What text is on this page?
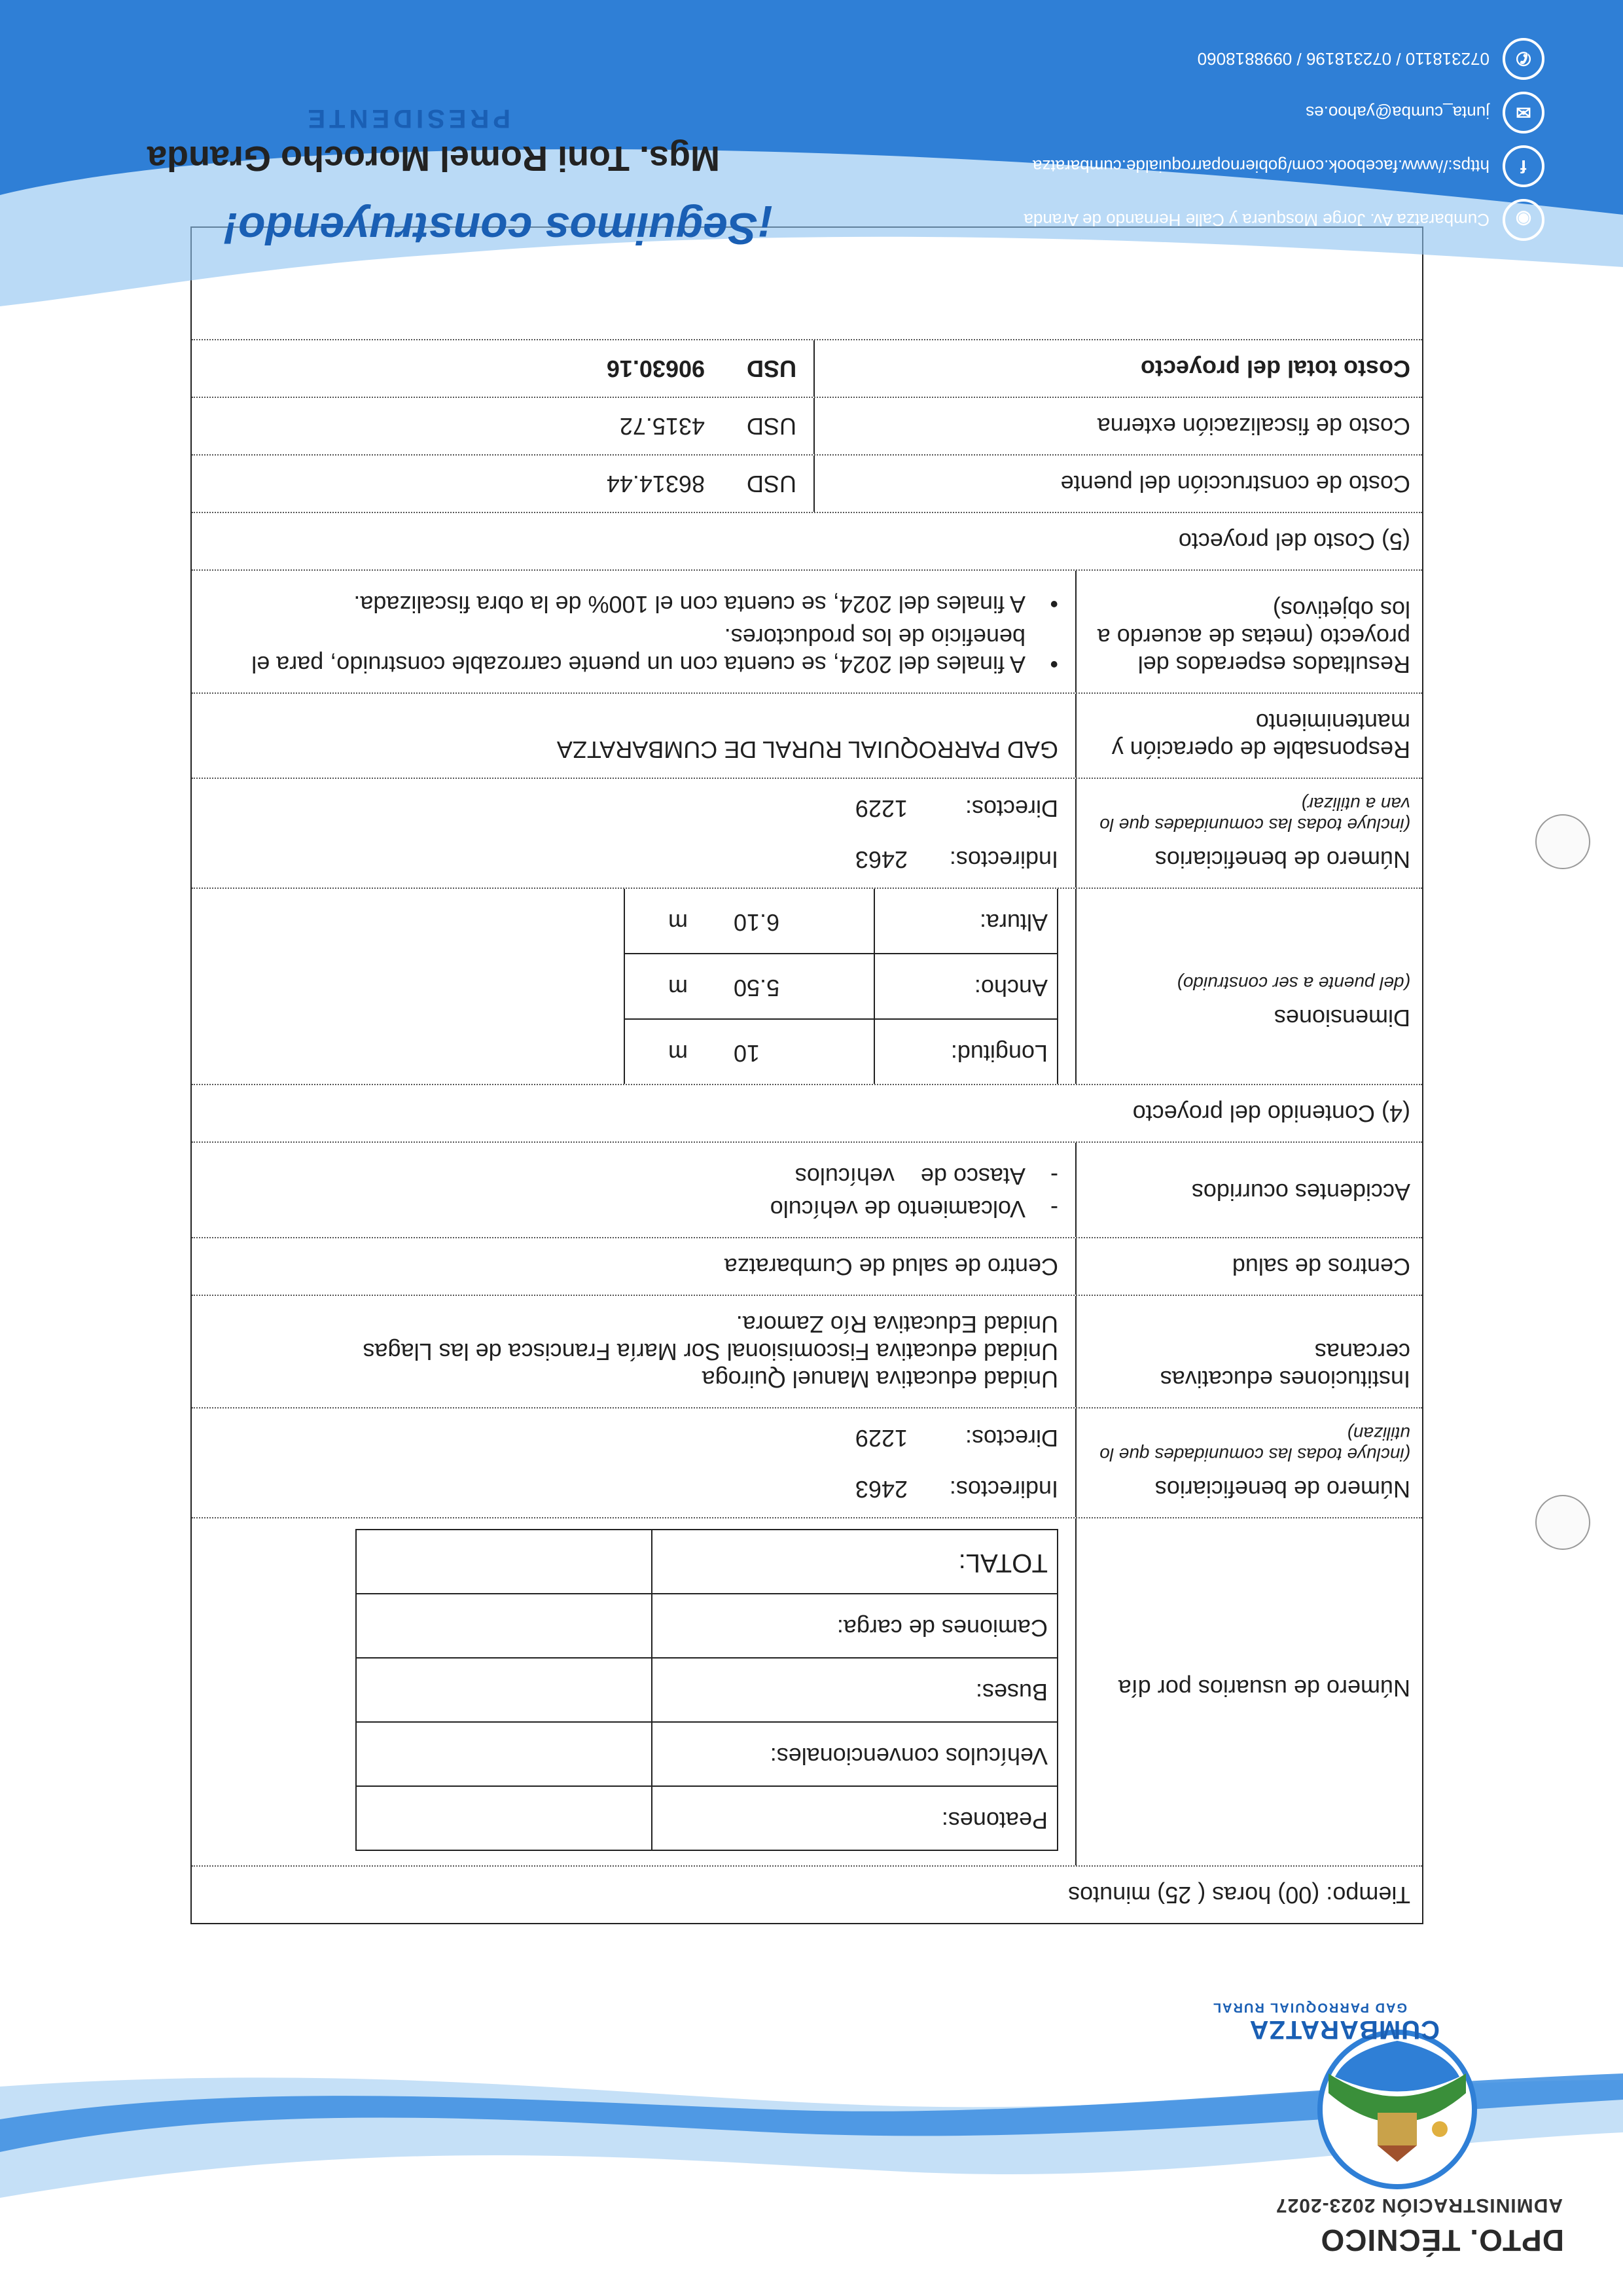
DPTO. TÉCNICO
ADMINISTRACIÓN 2023-2027
CUMBARATZA
GAD PARROQUIAL RURAL
Tiempo: (00) horas ( 25) minutos
Número de usuarios por día
Peatones:
Vehículos convencionales:
Buses:
Camiones de carga:
TOTAL:
Número de beneficiarios
(incluye todas las comunidades que lo utilizan)
Indirectos:2463
Directos:1229
Instituciones educativas cercanas
Unidad educativa Manuel Quiroga
Unidad educativa Fiscomisional Sor María Francisca de las Llagas
Unidad Educativa Río Zamora.
Centros de salud
Centro de salud de Cumbaratza
Accidentes ocurridos
-
Volcamiento de vehículo
-
Atasco de    vehículos
(4) Contenido del proyecto
Dimensiones
(del puente a ser construido)
Longitud:
10m
Ancho:
5.50m
Altura:
6.10m
Número de beneficiarios
(incluye todas las comunidades que lo van a utilizar)
Indirectos:2463
Directos:1229
Responsable de operación y mantenimiento
GAD PARROQUIAL RURAL DE CUMBARATZA
Resultados esperados del proyecto (metas de acuerdo a los objetivos)
•
A finales del 2024, se cuenta con un puente carrozable construido, para el beneficio de los productores.
•
A finales del 2024, se cuenta con el 100% de la obra fiscalizada.
(5) Costo del proyecto
Costo de construcción del puente
USD
86314.44
Costo de fiscalización externa
USD
4315.72
Costo total del proyecto
USD
90630.16
¡Seguimos construyendo!
Mgs. Toni Romel Morocho Granda
PRESIDENTE
◉
Cumbaratza Av. Jorge Mosquera y Calle Hernando de Aranda
f
https://www.facebook.com/gobiernoparroquialde.cumbaratza
✉
junta_cumba@yahoo.es
✆
072318110 / 072318196 / 0998818060
